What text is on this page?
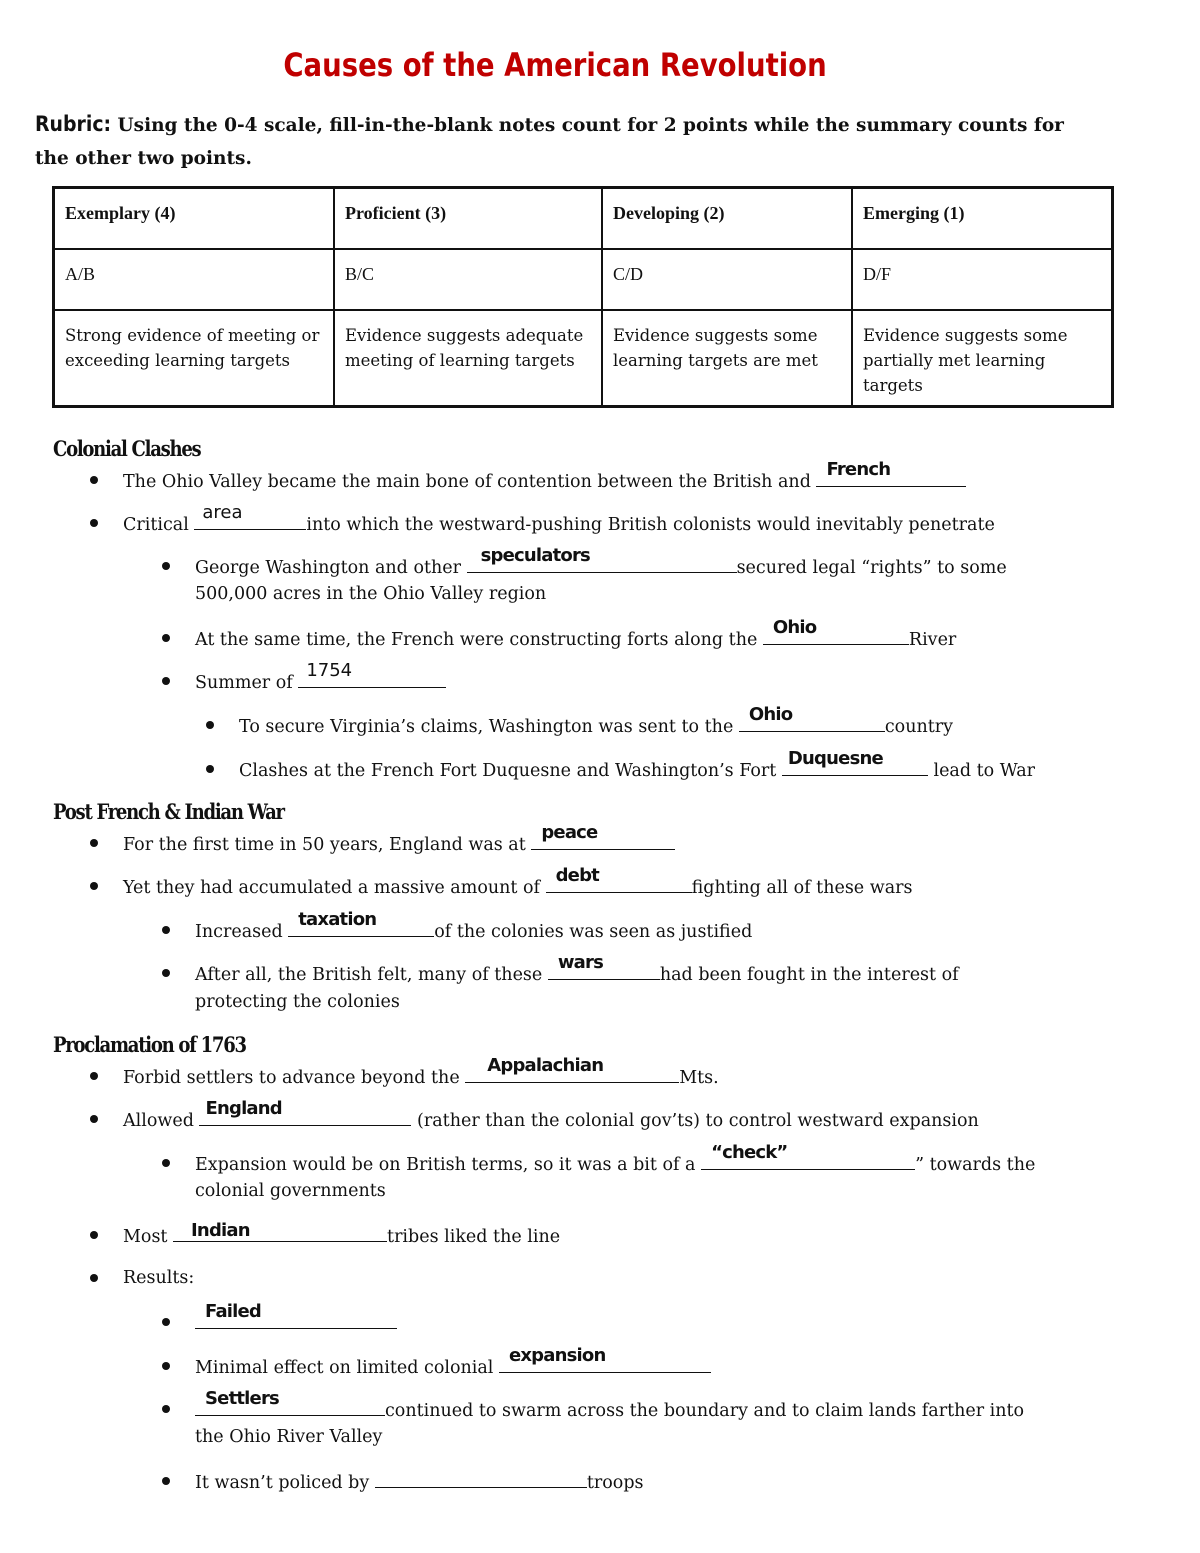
Causes of the American Revolution
Rubric: Using the 0-4 scale, fill-in-the-blank notes count for 2 points while the summary counts for the other two points.
Exemplary (4)	Proficient (3)	Developing (2)	Emerging (1)
A/B	B/C	C/D	D/F
Strong evidence of meeting or exceeding learning targets	Evidence suggests adequate meeting of learning targets	Evidence suggests some learning targets are met	Evidence suggests some partially met learning targets
Colonial Clashes
The Ohio Valley became the main bone of contention between the British and
French
Critical
area
into which the westward-pushing British colonists would inevitably penetrate
George Washington and other
speculators
secured legal “rights” to some
500,000 acres in the Ohio Valley region
At the same time, the French were constructing forts along the
Ohio
River
Summer of
1754
To secure Virginia’s claims, Washington was sent to the
Ohio
country
Clashes at the French Fort Duquesne and Washington’s Fort
Duquesne
lead to War
Post French & Indian War
For the first time in 50 years, England was at
peace
Yet they had accumulated a massive amount of
debt
fighting all of these wars
Increased
taxation
of the colonies was seen as justified
After all, the British felt, many of these
wars
had been fought in the interest of
protecting the colonies
Proclamation of 1763
Forbid settlers to advance beyond the
Appalachian
Mts.
Allowed
England
(rather than the colonial gov’ts) to control westward expansion
Expansion would be on British terms, so it was a bit of a
“check”
” towards the
colonial governments
Most Indian	tribes liked the line
Results:
Failed
Minimal effect on limited colonial
expansion
Settlers
continued to swarm across the boundary and to claim lands farther into
the Ohio River Valley
It wasn’t policed by	troops
